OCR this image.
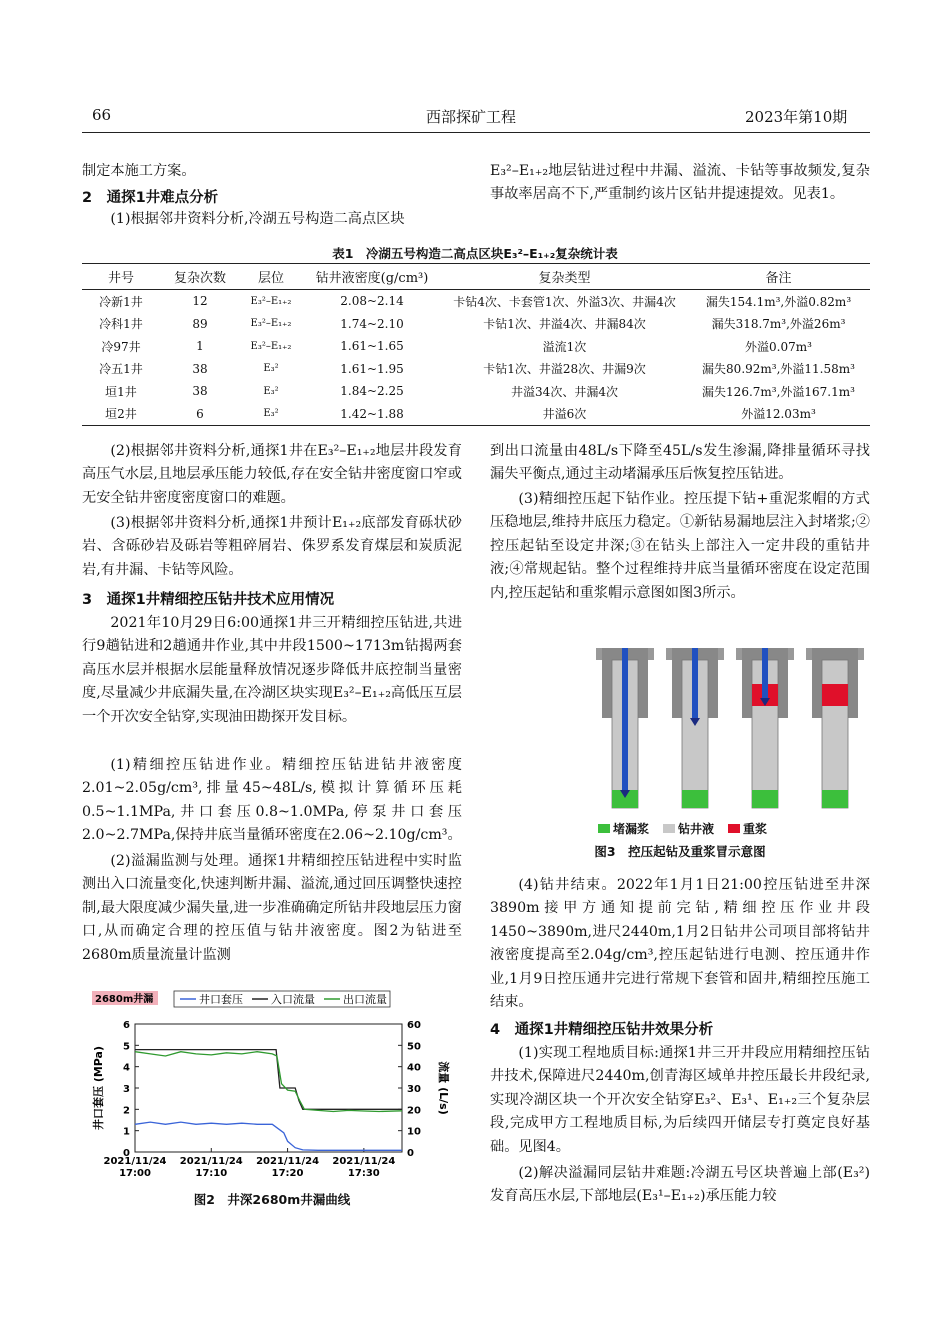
66	西部探矿工程	2023年第10期
制定本施工方案。
2　通探1井难点分析
(1)根据邻井资料分析,冷湖五号构造二高点区块
E₃²–E₁₊₂地层钻进过程中井漏、溢流、卡钻等事故频发,复杂事故率居高不下,严重制约该片区钻井提速提效。见表1。
表1　冷湖五号构造二高点区块E₃²–E₁₊₂复杂统计表
井号	复杂次数	层位	钻井液密度(g/cm³)	复杂类型	备注
冷新1井	12	E₃²–E₁₊₂	2.08~2.14	卡钻4次、卡套管1次、外溢3次、井漏4次	漏失154.1m³,外溢0.82m³
冷科1井	89	E₃²–E₁₊₂	1.74~2.10	卡钻1次、井溢4次、井漏84次	漏失318.7m³,外溢26m³
冷97井	1	E₃²–E₁₊₂	1.61~1.65	溢流1次	外溢0.07m³
冷五1井	38	E₃²	1.61~1.95	卡钻1次、井溢28次、井漏9次	漏失80.92m³,外溢11.58m³
垣1井	38	E₃²	1.84~2.25	井溢34次、井漏4次	漏失126.7m³,外溢167.1m³
垣2井	6	E₃²	1.42~1.88	井溢6次	外溢12.03m³
(2)根据邻井资料分析,通探1井在E₃²–E₁₊₂地层井段发育高压气水层,且地层承压能力较低,存在安全钻井密度窗口窄或无安全钻井密度密度窗口的难题。
(3)根据邻井资料分析,通探1井预计E₁₊₂底部发育砾状砂岩、含砾砂岩及砾岩等粗碎屑岩、侏罗系发育煤层和炭质泥岩,有井漏、卡钻等风险。
3　通探1井精细控压钻井技术应用情况
2021年10月29日6:00通探1井三开精细控压钻进,共进行9趟钻进和2趟通井作业,其中井段1500~1713m钻揭两套高压水层并根据水层能量释放情况逐步降低井底控制当量密度,尽量减少井底漏失量,在冷湖区块实现E₃²–E₁₊₂高低压互层一个开次安全钻穿,实现油田勘探开发目标。
(1)精细控压钻进作业。精细控压钻进钻井液密度2.01~2.05g/cm³,排量45~48L/s,模拟计算循环压耗0.5~1.1MPa,井口套压0.8~1.0MPa,停泵井口套压2.0~2.7MPa,保持井底当量循环密度在2.06~2.10g/cm³。
(2)溢漏监测与处理。通探1井精细控压钻进程中实时监测出入口流量变化,快速判断井漏、溢流,通过回压调整快速控制,最大限度减少漏失量,进一步准确确定所钻井段地层压力窗口,从而确定合理的控压值与钻井液密度。图2为钻进至2680m质量流量计监测
2680m井漏	井口套压	入口流量	出口流量
0
1
2
3
4
5
6
0
10
20
30
40
50
60
2021/11/24
17:00
2021/11/24
17:10
2021/11/24
17:20
2021/11/24
17:30
井口套压 (MPa)	流量 (L/s)
图2　井深2680m井漏曲线
到出口流量由48L/s下降至45L/s发生渗漏,降排量循环寻找漏失平衡点,通过主动堵漏承压后恢复控压钻进。
(3)精细控压起下钻作业。控压提下钻+重泥浆帽的方式压稳地层,维持井底压力稳定。①新钻易漏地层注入封堵浆;②控压起钻至设定井深;③在钻头上部注入一定井段的重钻井液;④常规起钻。整个过程维持井底当量循环密度在设定范围内,控压起钻和重浆帽示意图如图3所示。
堵漏浆	钻井液	重浆
图3　控压起钻及重浆冒示意图
(4)钻井结束。2022年1月1日21:00控压钻进至井深3890m接甲方通知提前完钻,精细控压作业井段1450~3890m,进尺2440m,1月2日钻井公司项目部将钻井液密度提高至2.04g/cm³,控压起钻进行电测、控压通井作业,1月9日控压通井完进行常规下套管和固井,精细控压施工结束。
4　通探1井精细控压钻井效果分析
(1)实现工程地质目标:通探1井三开井段应用精细控压钻井技术,保障进尺2440m,创青海区域单井控压最长井段纪录,实现冷湖区块一个开次安全钻穿E₃²、E₃¹、E₁₊₂三个复杂层段,完成甲方工程地质目标,为后续四开储层专打奠定良好基础。见图4。
(2)解决溢漏同层钻井难题:冷湖五号区块普遍上部(E₃²)发育高压水层,下部地层(E₃¹–E₁₊₂)承压能力较
